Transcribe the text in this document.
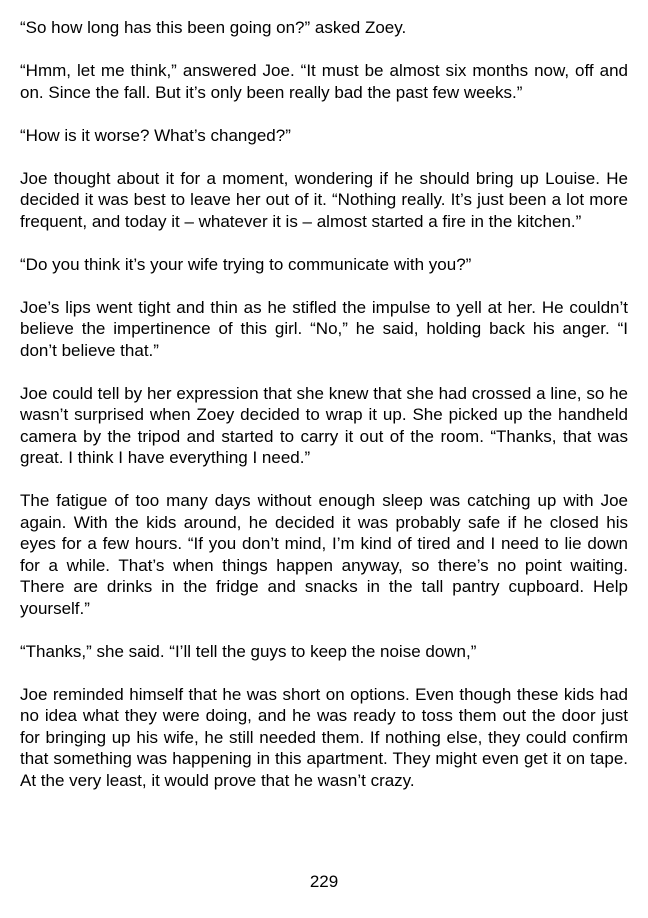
“So how long has this been going on?” asked Zoey.

“Hmm, let me think,” answered Joe. “It must be almost six months now, off and on. Since the fall. But it’s only been really bad the past few weeks.”

“How is it worse? What’s changed?”

Joe thought about it for a moment, wondering if he should bring up Louise. He decided it was best to leave her out of it. “Nothing really. It’s just been a lot more frequent, and today it – whatever it is – almost started a fire in the kitchen.”

“Do you think it’s your wife trying to communicate with you?”

Joe’s lips went tight and thin as he stifled the impulse to yell at her. He couldn’t believe the impertinence of this girl. “No,” he said, holding back his anger. “I don’t believe that.”

Joe could tell by her expression that she knew that she had crossed a line, so he wasn’t surprised when Zoey decided to wrap it up. She picked up the handheld camera by the tripod and started to carry it out of the room. “Thanks, that was great. I think I have everything I need.”

The fatigue of too many days without enough sleep was catching up with Joe again. With the kids around, he decided it was probably safe if he closed his eyes for a few hours. “If you don’t mind, I’m kind of tired and I need to lie down for a while. That’s when things happen anyway, so there’s no point waiting. There are drinks in the fridge and snacks in the tall pantry cupboard. Help yourself.”

“Thanks,” she said. “I’ll tell the guys to keep the noise down,”

Joe reminded himself that he was short on options. Even though these kids had no idea what they were doing, and he was ready to toss them out the door just for bringing up his wife, he still needed them. If nothing else, they could confirm that something was happening in this apartment. They might even get it on tape. At the very least, it would prove that he wasn’t crazy.

229
